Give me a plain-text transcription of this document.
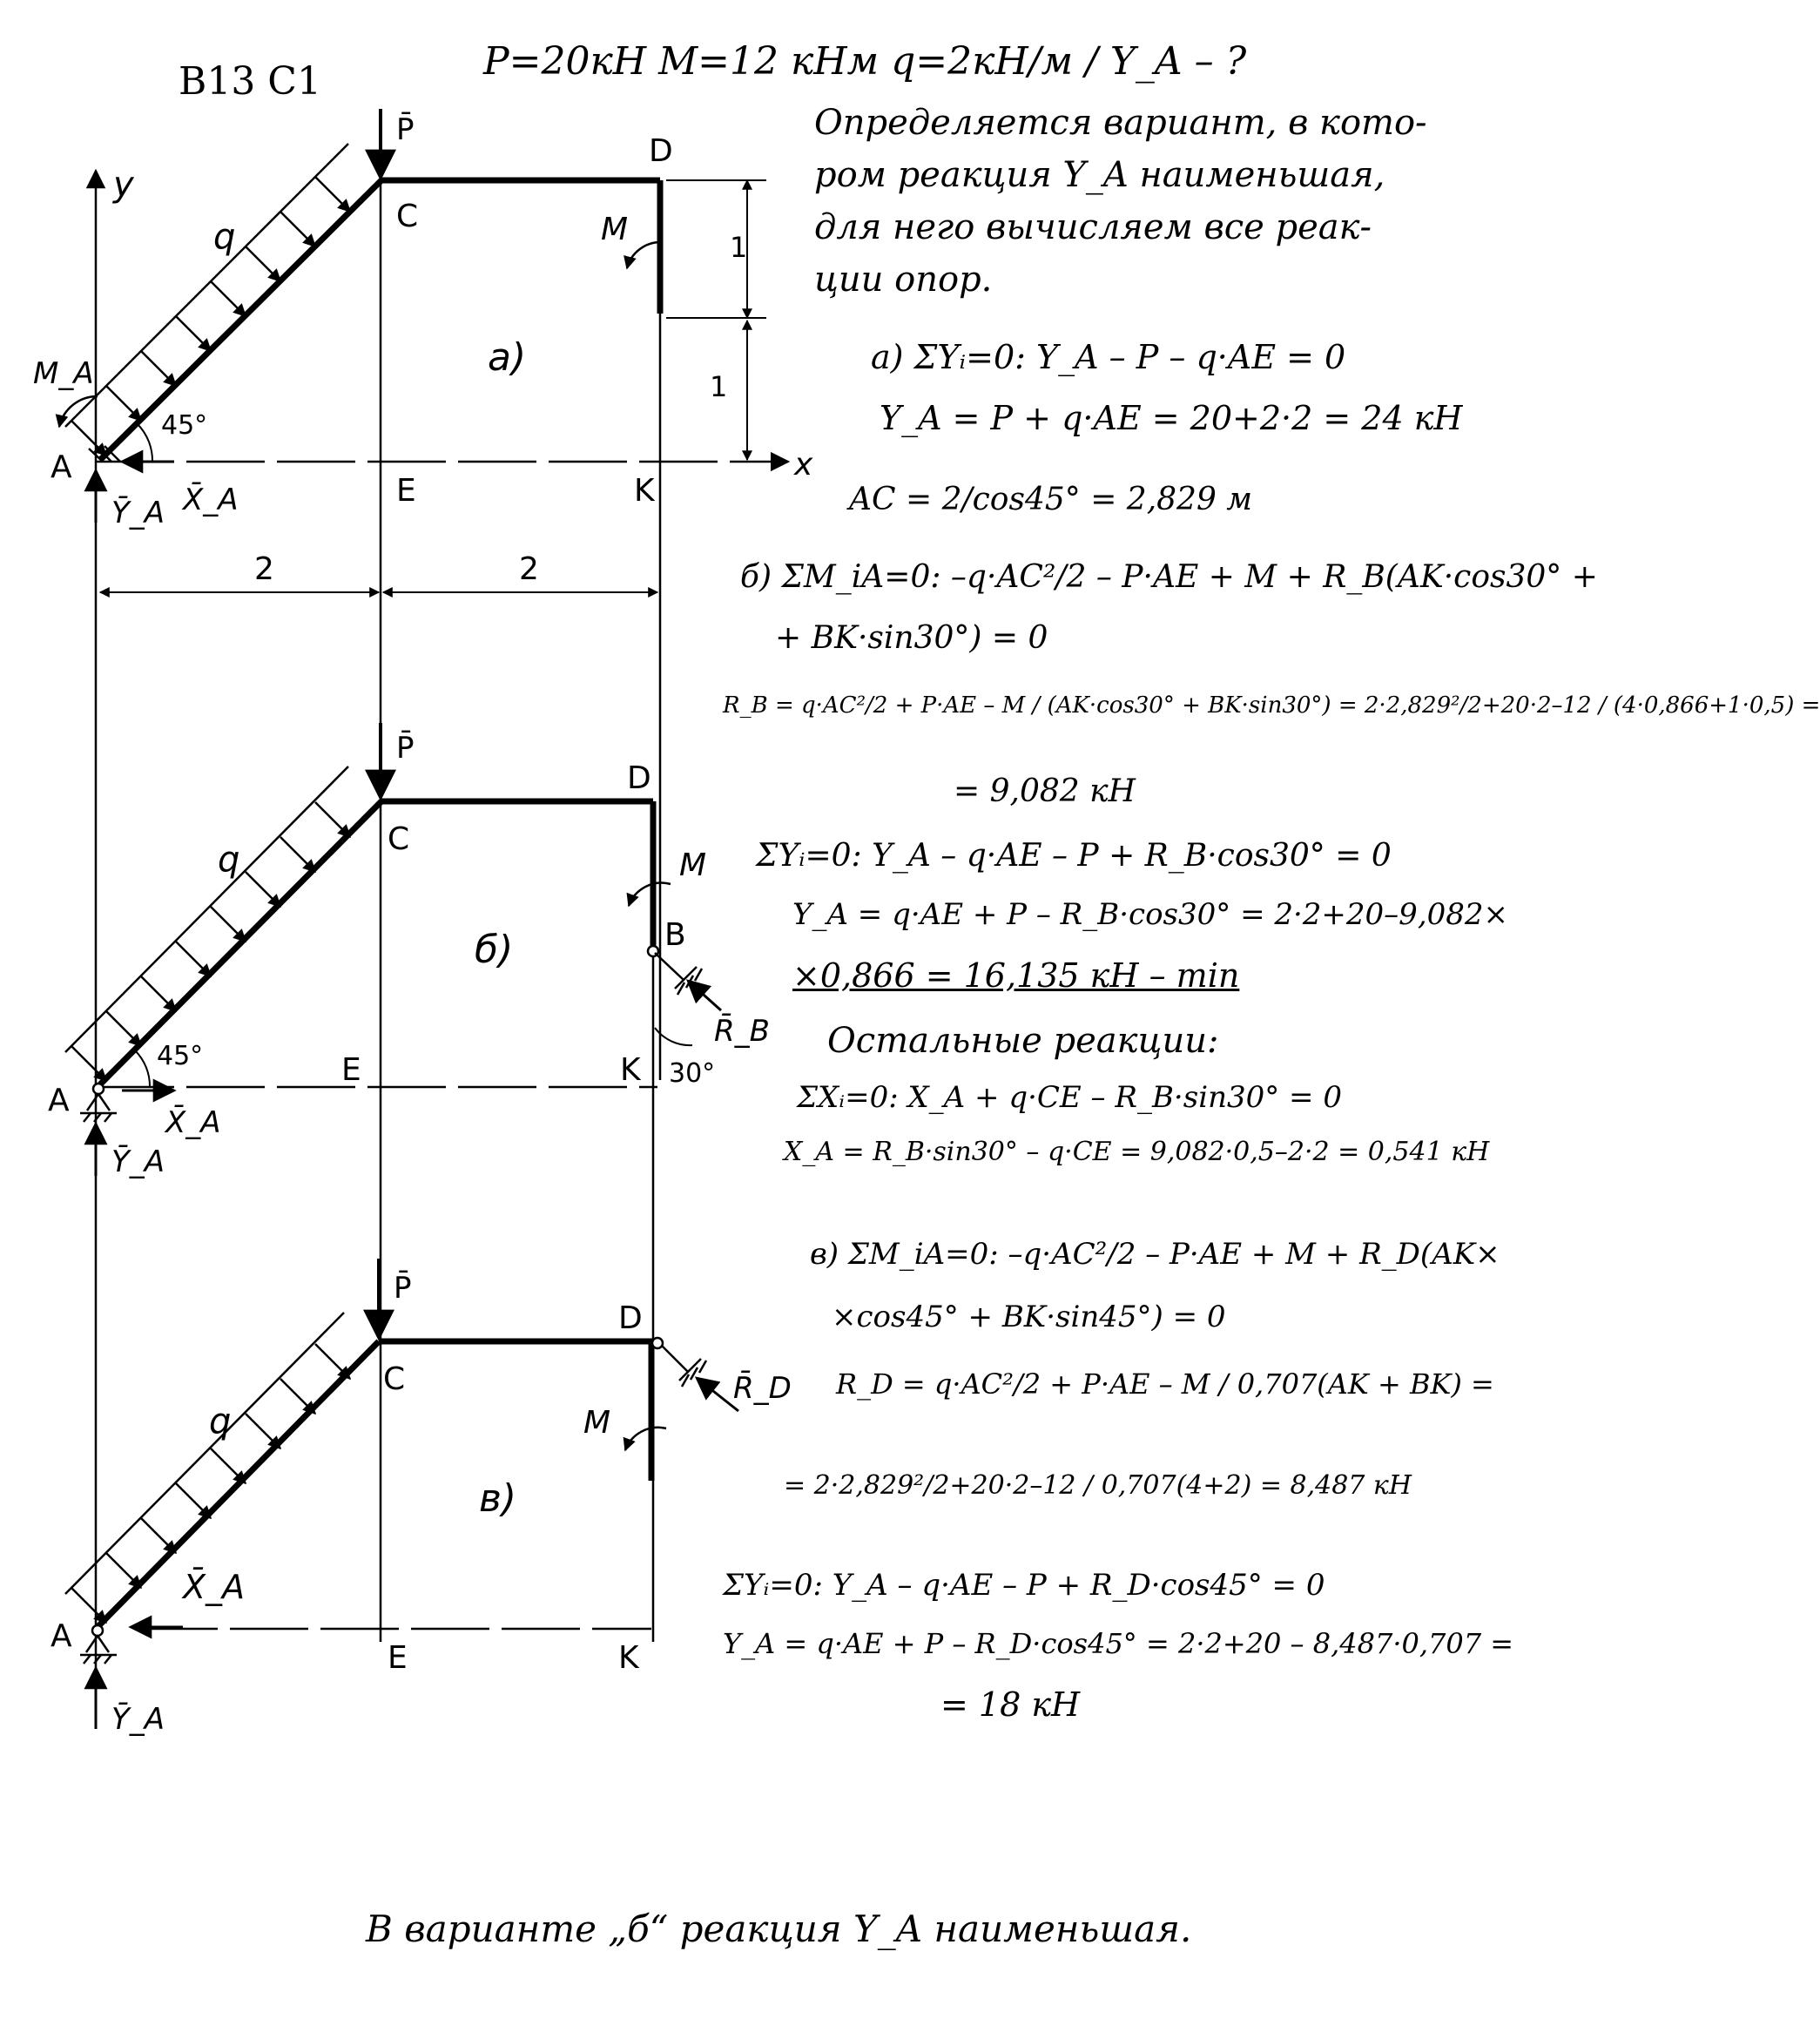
y
x
P̄
q
A
C
D
E	K
45°
M_A
X̄_A
Ȳ_A
M	1
1
а)
2	2
P̄
q
A
C
D
E	K
B
45°
X̄_A
Ȳ_A
M
R̄_B
30°
б)
P̄
q
A
C
D
E	K
X̄_A
Ȳ_A
M
R̄_D
в)
B13 C1	P=20кН M=12 кНм q=2кН/м / Y_A – ?
Определяется вариант, в кото-
ром реакция Y_A наименьшая,
для него вычисляем все реак-
ции опор.
а) ΣYᵢ=0: Y_A – P – q·AE = 0
Y_A = P + q·AE = 20+2·2 = 24 кН
AC = 2/cos45° = 2,829 м
б) ΣM_iA=0: –q·AC²/2 – P·AE + M + R_B(AK·cos30° +
+ BK·sin30°) = 0
R_B = q·AC²/2 + P·AE – M / (AK·cos30° + BK·sin30°) = 2·2,829²/2+20·2–12 / (4·0,866+1·0,5) =
= 9,082 кН
ΣYᵢ=0: Y_A – q·AE – P + R_B·cos30° = 0
Y_A = q·AE + P – R_B·cos30° = 2·2+20–9,082×
×0,866 = 16,135 кН – min
Остальные реакции:
ΣXᵢ=0: X_A + q·CE – R_B·sin30° = 0
X_A = R_B·sin30° – q·CE = 9,082·0,5–2·2 = 0,541 кН
в) ΣM_iA=0: –q·AC²/2 – P·AE + M + R_D(AK×
×cos45° + BK·sin45°) = 0
R_D = q·AC²/2 + P·AE – M / 0,707(AK + BK) =
= 2·2,829²/2+20·2–12 / 0,707(4+2) = 8,487 кН
ΣYᵢ=0: Y_A – q·AE – P + R_D·cos45° = 0
Y_A = q·AE + P – R_D·cos45° = 2·2+20 – 8,487·0,707 =
= 18 кН
В варианте „б“ реакция Y_A наименьшая.
